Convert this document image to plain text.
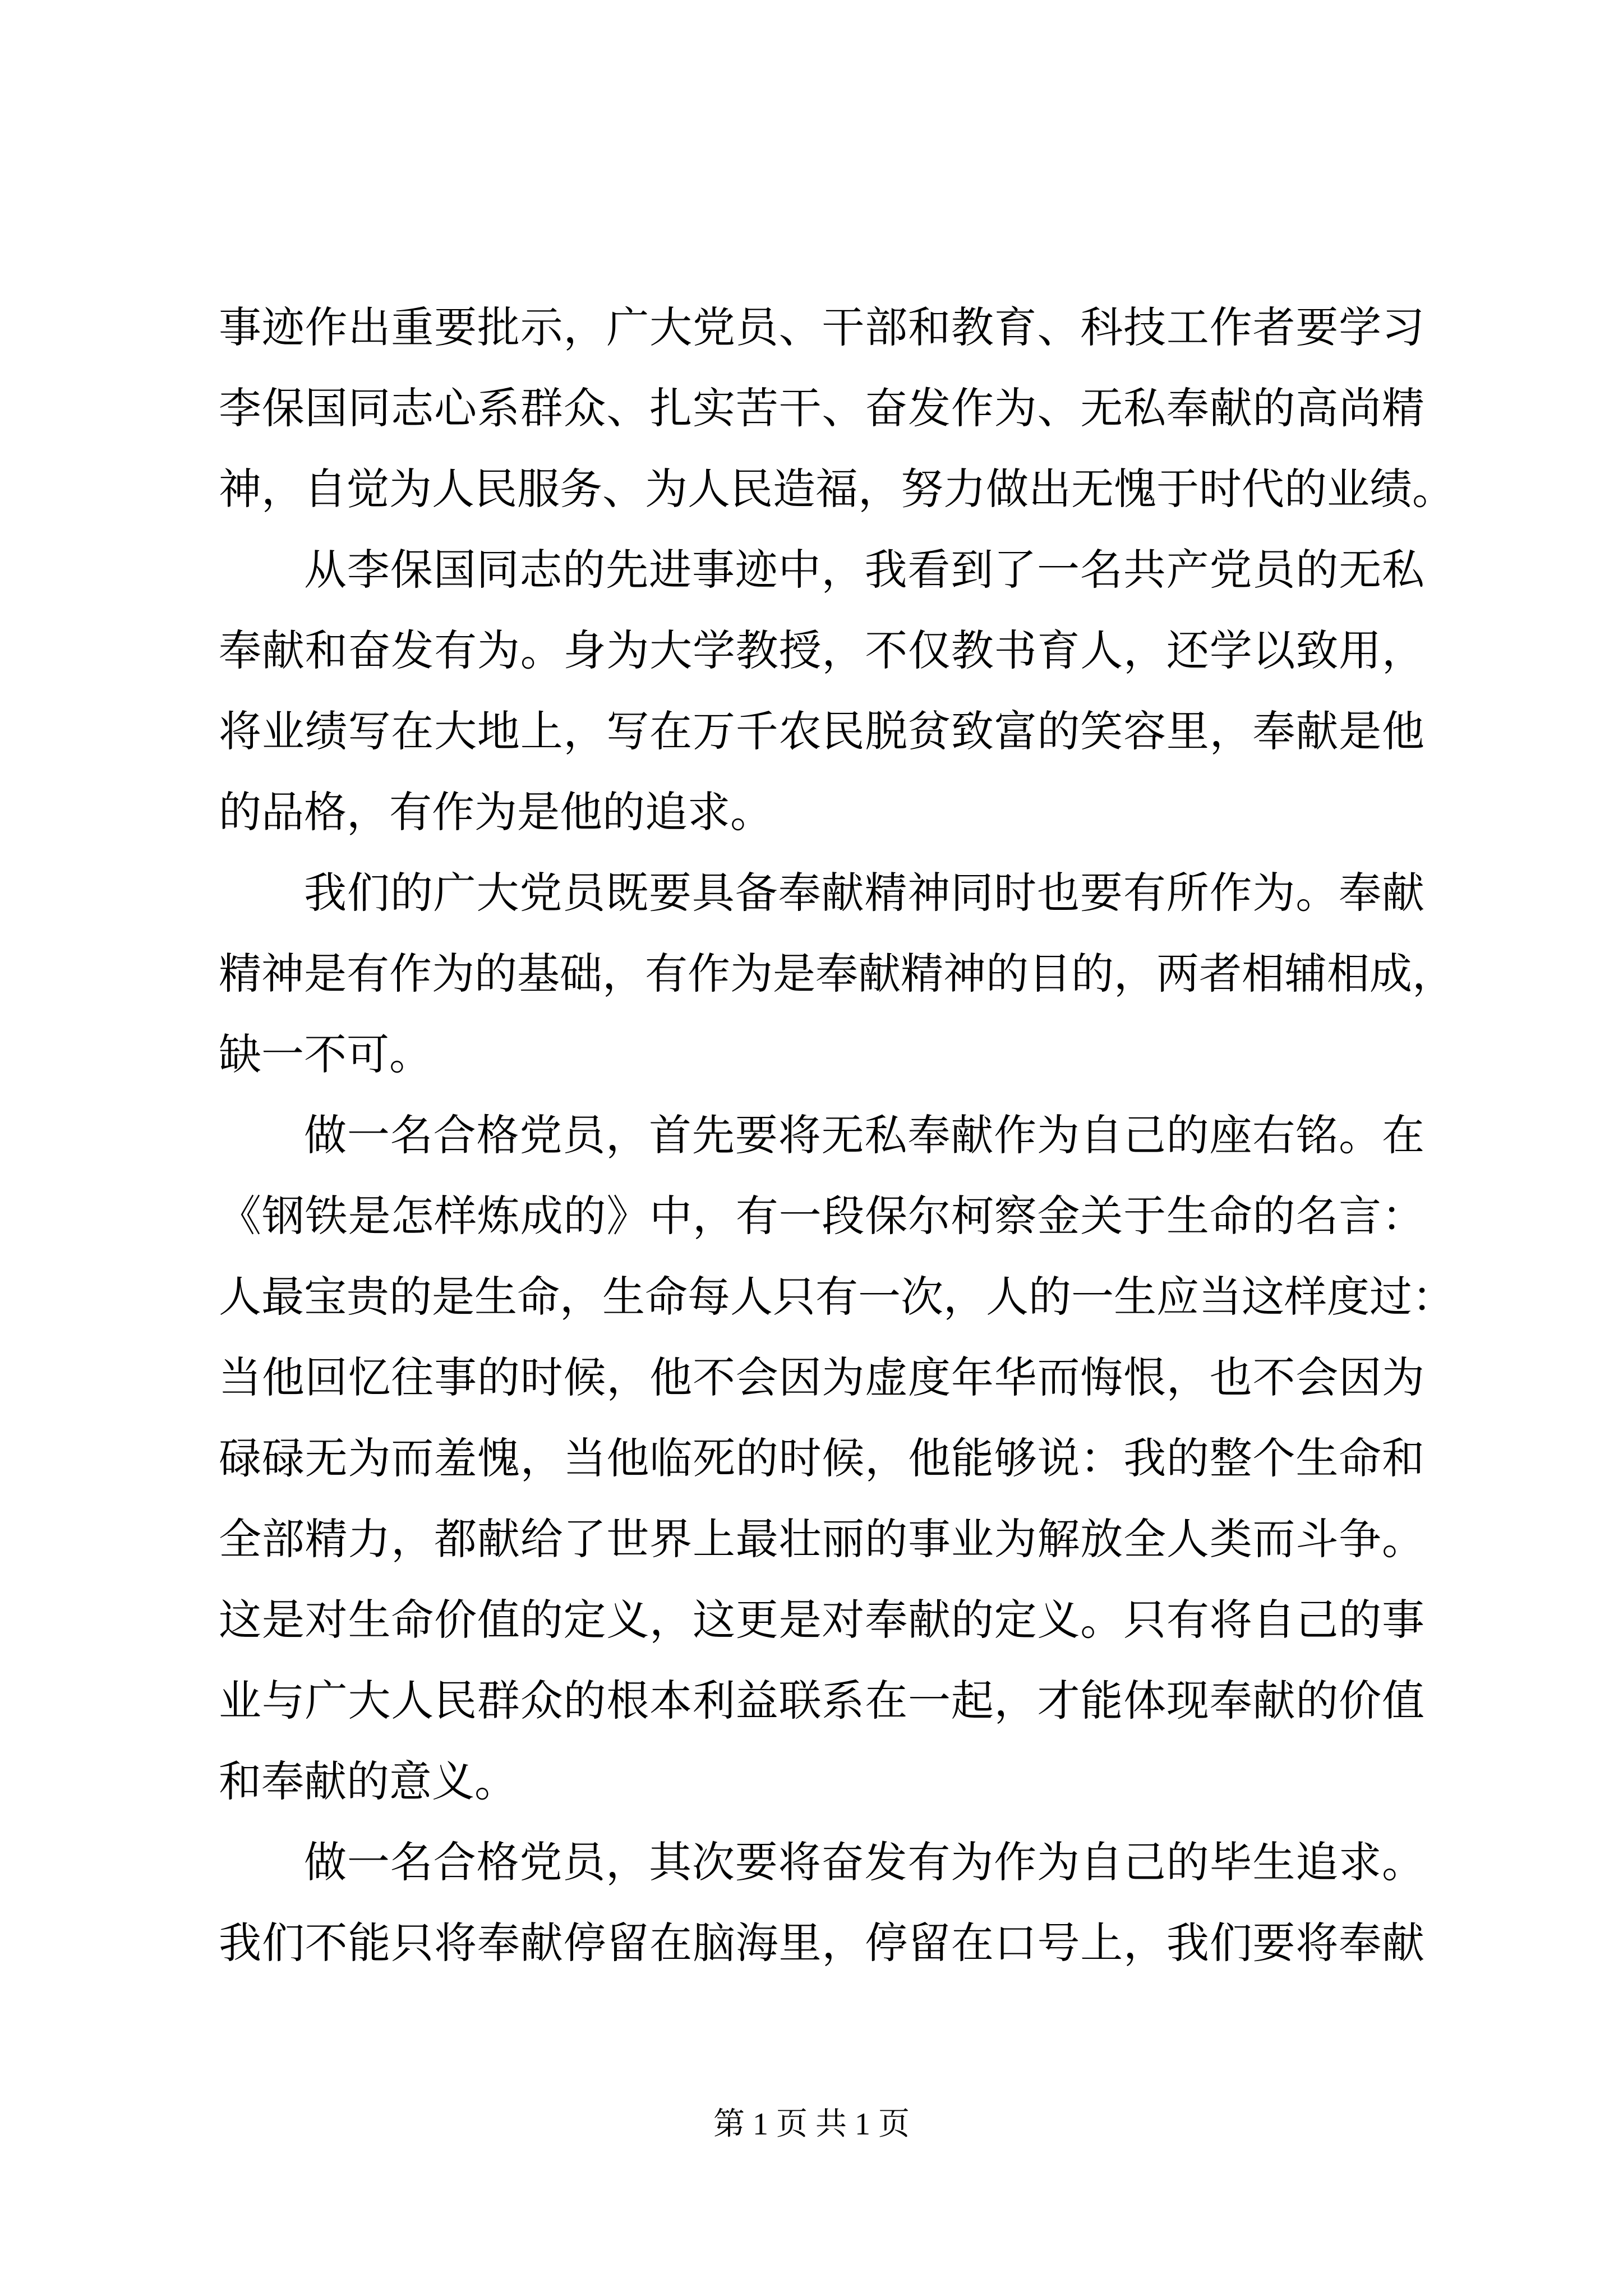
事迹作出重要批示，广大党员、干部和教育、科技工作者要学习
李保国同志心系群众、扎实苦干、奋发作为、无私奉献的高尚精
神，自觉为人民服务、为人民造福，努力做出无愧于时代的业绩。
从李保国同志的先进事迹中，我看到了一名共产党员的无私
奉献和奋发有为。身为大学教授，不仅教书育人，还学以致用，
将业绩写在大地上，写在万千农民脱贫致富的笑容里，奉献是他
的品格，有作为是他的追求。
我们的广大党员既要具备奉献精神同时也要有所作为。奉献
精神是有作为的基础，有作为是奉献精神的目的，两者相辅相成，
缺一不可。
做一名合格党员，首先要将无私奉献作为自己的座右铭。在
《钢铁是怎样炼成的》中，有一段保尔柯察金关于生命的名言：
人最宝贵的是生命，生命每人只有一次，人的一生应当这样度过：
当他回忆往事的时候，他不会因为虚度年华而悔恨，也不会因为
碌碌无为而羞愧，当他临死的时候，他能够说：我的整个生命和
全部精力，都献给了世界上最壮丽的事业为解放全人类而斗争。
这是对生命价值的定义，这更是对奉献的定义。只有将自己的事
业与广大人民群众的根本利益联系在一起，才能体现奉献的价值
和奉献的意义。
做一名合格党员，其次要将奋发有为作为自己的毕生追求。
我们不能只将奉献停留在脑海里，停留在口号上，我们要将奉献
第 1 页 共 1 页
